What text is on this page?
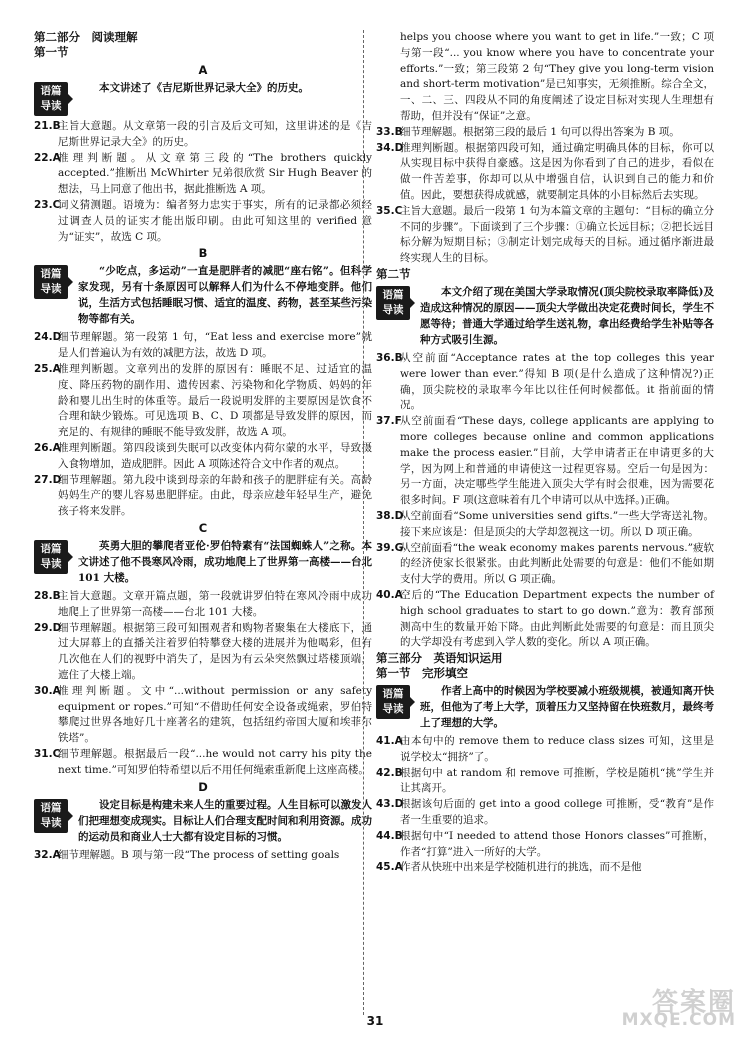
第二部分　阅读理解
第一节
A
语篇
导读
本文讲述了《吉尼斯世界记录大全》的历史。

21.B
主旨大意题。从文章第一段的引言及后文可知，这里讲述的是《吉尼斯世界记录大全》的历史。

22.A
推理判断题。从文章第三段的“The brothers quickly accepted.”推断出 McWhirter 兄弟很欣赏 Sir Hugh Beaver 的想法，马上同意了他出书，据此推断选 A 项。

23.C
词义猜测题。语境为：编者努力忠实于事实，所有的记录都必须经过调查人员的证实才能出版印刷。由此可知这里的 verified 意为“证实”，故选 C 项。

B
语篇
导读
“少吃点，多运动”一直是肥胖者的减肥“座右铭”。但科学家发现，另有十条原因可以解释人们为什么不停地变胖。他们说，生活方式包括睡眠习惯、适宜的温度、药物，甚至某些污染物等都有关。

24.D
细节理解题。第一段第 1 句，“Eat less and exercise more”就是人们普遍认为有效的减肥方法，故选 D 项。

25.A
推理判断题。文章列出的发胖的原因有：睡眠不足、过适宜的温度、降压药物的副作用、遗传因素、污染物和化学物质、妈妈的年龄和婴儿出生时的体重等。最后一段说明发胖的主要原因是饮食不合理和缺少锻炼。可见选项 B、C、D 项都是导致发胖的原因，而充足的、有规律的睡眠不能导致发胖，故选 A 项。

26.A
推理判断题。第四段谈到失眠可以改变体内荷尔蒙的水平，导致摄入食物增加，造成肥胖。因此 A 项陈述符合文中作者的观点。

27.D
细节理解题。第九段中谈到母亲的年龄和孩子的肥胖症有关。高龄妈妈生产的婴儿容易患肥胖症。由此，母亲应趁年轻早生产，避免孩子将来发胖。

C
语篇
导读
英勇大胆的攀爬者亚伦·罗伯特素有“法国蜘蛛人”之称。本文讲述了他不畏寒风冷雨，成功地爬上了世界第一高楼——台北 101 大楼。

28.B
主旨大意题。文章开篇点题，第一段就讲罗伯特在寒风冷雨中成功地爬上了世界第一高楼——台北 101 大楼。

29.D
细节理解题。根据第三段可知围观者和购物者聚集在大楼底下，通过大屏幕上的直播关注着罗伯特攀登大楼的进展并为他喝彩，但有几次他在人们的视野中消失了，是因为有云朵突然飘过塔楼顶端，遮住了大楼上端。

30.A
推理判断题。文中“...without permission or any safety equipment or ropes.”可知“不借助任何安全设备或绳索，罗伯特攀爬过世界各地好几十座著名的建筑，包括纽约帝国大厦和埃菲尔铁塔”。

31.C
细节理解题。根据最后一段“...he would not carry his pity the next time.”可知罗伯特希望以后不用任何绳索重新爬上这座高楼。

D
语篇
导读
设定目标是构建未来人生的重要过程。人生目标可以激发人们把理想变成现实。目标让人们合理支配时间和利用资源。成功的运动员和商业人士大都有设定目标的习惯。

32.A
细节理解题。B 项与第一段“The process of setting goals

helps you choose where you want to get in life.”一致；C 项与第一段“... you know where you have to concentrate your efforts.”一致；第三段第 2 句“They give you long-term vision and short-term motivation”是已知事实，无须推断。综合全文，一、二、三、四段从不同的角度阐述了设定目标对实现人生理想有帮助，但并没有“保证”之意。

33.B
细节理解题。根据第三段的最后 1 句可以得出答案为 B 项。

34.D
推理判断题。根据第四段可知，通过确定明确具体的目标，你可以从实现目标中获得自豪感。这是因为你看到了自己的进步，看似在做一件苦差事，你却可以从中增强自信，认识到自己的能力和价值。因此，要想获得成就感，就要制定具体的小目标然后去实现。

35.C
主旨大意题。最后一段第 1 句为本篇文章的主题句：“目标的确立分不同的步骤”。下面谈到了三个步骤：①确立长远目标；②把长远目标分解为短期目标；③制定计划完成每天的目标。通过循序渐进最终实现人生的目标。

第二节
语篇
导读
本文介绍了现在美国大学录取情况(顶尖院校录取率降低)及造成这种情况的原因——顶尖大学做出决定花费时间长，学生不愿等待；普通大学通过给学生送礼物，拿出经费给学生补贴等各种方式吸引生源。

36.B
从空前面“Acceptance rates at the top colleges this year were lower than ever.”得知 B 项(是什么造成了这种情况?)正确，顶尖院校的录取率今年比以往任何时候都低。it 指前面的情况。

37.F
从空前面看“These days, college applicants are applying to more colleges because online and common applications make the process easier.”目前，大学申请者正在申请更多的大学，因为网上和普通的申请使这一过程更容易。空后一句是因为：另一方面，决定哪些学生能进入顶尖大学有时会很难，因为需要花很多时间。F 项(这意味着有几个申请可以从中选择。)正确。

38.D
从空前面看“Some universities send gifts.”一些大学寄送礼物。接下来应该是：但是顶尖的大学却忽视这一切。所以 D 项正确。

39.G
从空前面看“the weak economy makes parents nervous.”疲软的经济使家长很紧张。由此判断此处需要的句意是：他们不能如期支付大学的费用。所以 G 项正确。

40.A
空后的“The Education Department expects the number of high school graduates to start to go down.”意为：教育部预测高中生的数量开始下降。由此判断此处需要的句意是：而且顶尖的大学却没有考虑到入学人数的变化。所以 A 项正确。

第三部分　英语知识运用
第一节　完形填空
语篇
导读
作者上高中的时候因为学校要减小班级规模，被通知离开快班，但他为了考上大学，顶着压力又坚持留在快班数月，最终考上了理想的大学。

41.A
由本句中的 remove them to reduce class sizes 可知，这里是说学校太“拥挤”了。

42.B
根据句中 at random 和 remove 可推断，学校是随机“挑”学生并让其离开。

43.D
根据该句后面的 get into a good college 可推断，受“教育”是作者一生重要的追求。

44.B
根据句中“I needed to attend those Honors classes”可推断，作者“打算”进入一所好的大学。

45.A
作者从快班中出来是学校随机进行的挑选，而不是他

31
答案圈
MXQE.COM
